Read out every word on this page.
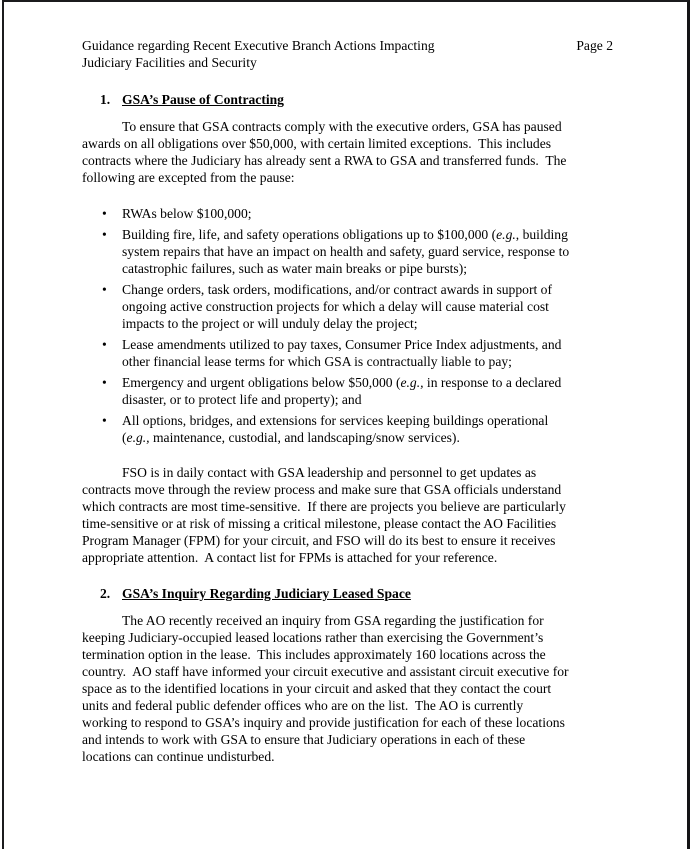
Guidance regarding Recent Executive Branch Actions Impacting
Judiciary Facilities and Security
Page 2
1. GSA’s Pause of Contracting
To ensure that GSA contracts comply with the executive orders, GSA has paused
awards on all obligations over $50,000, with certain limited exceptions.  This includes
contracts where the Judiciary has already sent a RWA to GSA and transferred funds.  The
following are excepted from the pause:
• RWAs below $100,000;
• Building fire, life, and safety operations obligations up to $100,000 (e.g., building
system repairs that have an impact on health and safety, guard service, response to
catastrophic failures, such as water main breaks or pipe bursts);
• Change orders, task orders, modifications, and/or contract awards in support of
ongoing active construction projects for which a delay will cause material cost
impacts to the project or will unduly delay the project;
• Lease amendments utilized to pay taxes, Consumer Price Index adjustments, and
other financial lease terms for which GSA is contractually liable to pay;
• Emergency and urgent obligations below $50,000 (e.g., in response to a declared
disaster, or to protect life and property); and
• All options, bridges, and extensions for services keeping buildings operational
(e.g., maintenance, custodial, and landscaping/snow services).
FSO is in daily contact with GSA leadership and personnel to get updates as
contracts move through the review process and make sure that GSA officials understand
which contracts are most time-sensitive.  If there are projects you believe are particularly
time-sensitive or at risk of missing a critical milestone, please contact the AO Facilities
Program Manager (FPM) for your circuit, and FSO will do its best to ensure it receives
appropriate attention.  A contact list for FPMs is attached for your reference.
2. GSA’s Inquiry Regarding Judiciary Leased Space
The AO recently received an inquiry from GSA regarding the justification for
keeping Judiciary-occupied leased locations rather than exercising the Government’s
termination option in the lease.  This includes approximately 160 locations across the
country.  AO staff have informed your circuit executive and assistant circuit executive for
space as to the identified locations in your circuit and asked that they contact the court
units and federal public defender offices who are on the list.  The AO is currently
working to respond to GSA’s inquiry and provide justification for each of these locations
and intends to work with GSA to ensure that Judiciary operations in each of these
locations can continue undisturbed.
